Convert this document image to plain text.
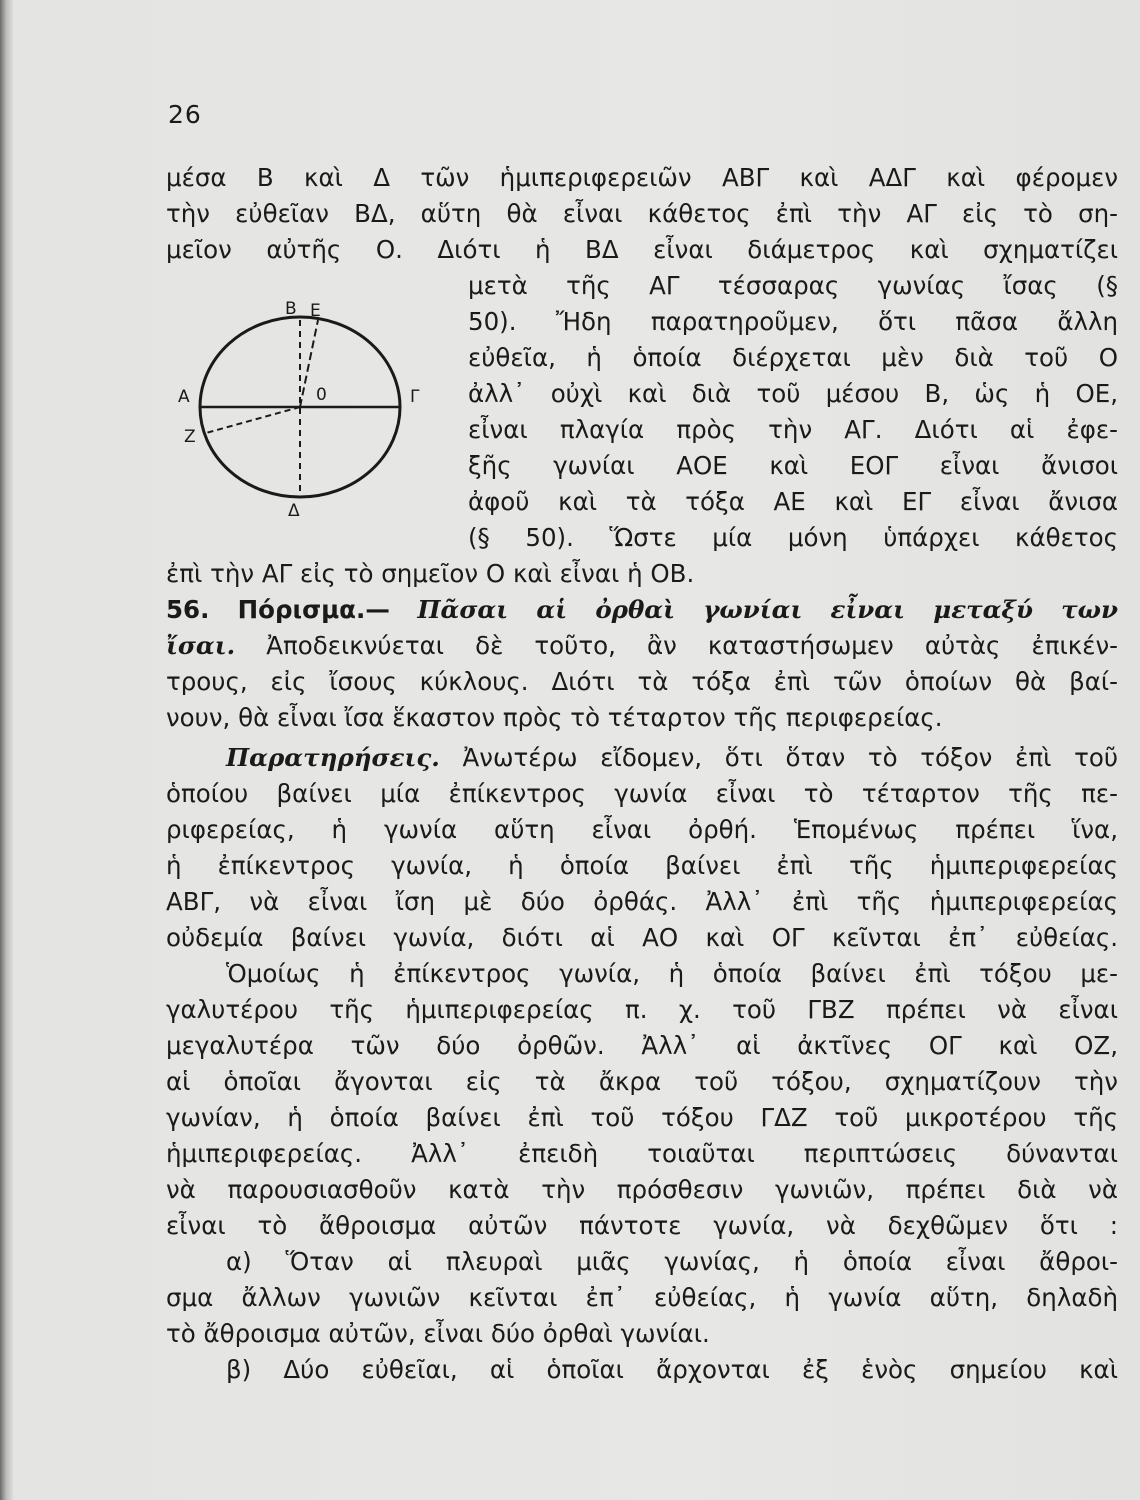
26
μέσα Β καὶ Δ τῶν ἡμιπεριφερειῶν ΑΒΓ καὶ ΑΔΓ καὶ φέρομεν
τὴν εὐθεῖαν ΒΔ, αὕτη θὰ εἶναι κάθετος ἐπὶ τὴν ΑΓ εἰς τὸ ση-
μεῖον αὐτῆς Ο. Διότι ἡ ΒΔ εἶναι διάμετρος καὶ σχηματίζει
μετὰ τῆς ΑΓ τέσσαρας γωνίας ἴσας (§
50). Ἤδη παρατηροῦμεν, ὅτι πᾶσα ἄλλη
εὐθεῖα, ἡ ὁποία διέρχεται μὲν διὰ τοῦ Ο
ἀλλ᾽ οὐχὶ καὶ διὰ τοῦ μέσου Β, ὡς ἡ ΟΕ,
εἶναι πλαγία πρὸς τὴν ΑΓ. Διότι αἱ ἐφε-
ξῆς γωνίαι ΑΟΕ καὶ ΕΟΓ εἶναι ἄνισοι
ἀφοῦ καὶ τὰ τόξα ΑΕ καὶ ΕΓ εἶναι ἄνισα
(§ 50). Ὥστε μία μόνη ὑπάρχει κάθετος
ἐπὶ τὴν ΑΓ εἰς τὸ σημεῖον Ο καὶ εἶναι ἡ ΟΒ.
Β Ε
0
Α	Γ
Ζ
Δ
56. Πόρισμα.— Πᾶσαι αἱ ὀρθαὶ γωνίαι εἶναι μεταξύ των
ἴσαι. Ἀποδεικνύεται δὲ τοῦτο, ἂν καταστήσωμεν αὐτὰς ἐπικέν-
τρους, εἰς ἴσους κύκλους. Διότι τὰ τόξα ἐπὶ τῶν ὁποίων θὰ βαί-
νουν, θὰ εἶναι ἴσα ἕκαστον πρὸς τὸ τέταρτον τῆς περιφερείας.
Παρατηρήσεις. Ἀνωτέρω εἴδομεν, ὅτι ὅταν τὸ τόξον ἐπὶ τοῦ
ὁποίου βαίνει μία ἐπίκεντρος γωνία εἶναι τὸ τέταρτον τῆς πε-
ριφερείας, ἡ γωνία αὕτη εἶναι ὀρθή. Ἑπομένως πρέπει ἵνα,
ἡ ἐπίκεντρος γωνία, ἡ ὁποία βαίνει ἐπὶ τῆς ἡμιπεριφερείας
ΑΒΓ, νὰ εἶναι ἴση μὲ δύο ὀρθάς. Ἀλλ᾽ ἐπὶ τῆς ἡμιπεριφερείας
οὐδεμία βαίνει γωνία, διότι αἱ ΑΟ καὶ ΟΓ κεῖνται ἐπ᾽ εὐθείας.
Ὁμοίως ἡ ἐπίκεντρος γωνία, ἡ ὁποία βαίνει ἐπὶ τόξου με-
γαλυτέρου τῆς ἡμιπεριφερείας π. χ. τοῦ ΓΒΖ πρέπει νὰ εἶναι
μεγαλυτέρα τῶν δύο ὀρθῶν. Ἀλλ᾽ αἱ ἀκτῖνες ΟΓ καὶ ΟΖ,
αἱ ὁποῖαι ἄγονται εἰς τὰ ἄκρα τοῦ τόξου, σχηματίζουν τὴν
γωνίαν, ἡ ὁποία βαίνει ἐπὶ τοῦ τόξου ΓΔΖ τοῦ μικροτέρου τῆς
ἡμιπεριφερείας. Ἀλλ᾽ ἐπειδὴ τοιαῦται περιπτώσεις δύνανται
νὰ παρουσιασθοῦν κατὰ τὴν πρόσθεσιν γωνιῶν, πρέπει διὰ νὰ
εἶναι τὸ ἄθροισμα αὐτῶν πάντοτε γωνία, νὰ δεχθῶμεν ὅτι :
α) Ὅταν αἱ πλευραὶ μιᾶς γωνίας, ἡ ὁποία εἶναι ἄθροι-
σμα ἄλλων γωνιῶν κεῖνται ἐπ᾽ εὐθείας, ἡ γωνία αὕτη, δηλαδὴ
τὸ ἄθροισμα αὐτῶν, εἶναι δύο ὀρθαὶ γωνίαι.
β) Δύο εὐθεῖαι, αἱ ὁποῖαι ἄρχονται ἐξ ἑνὸς σημείου καὶ
